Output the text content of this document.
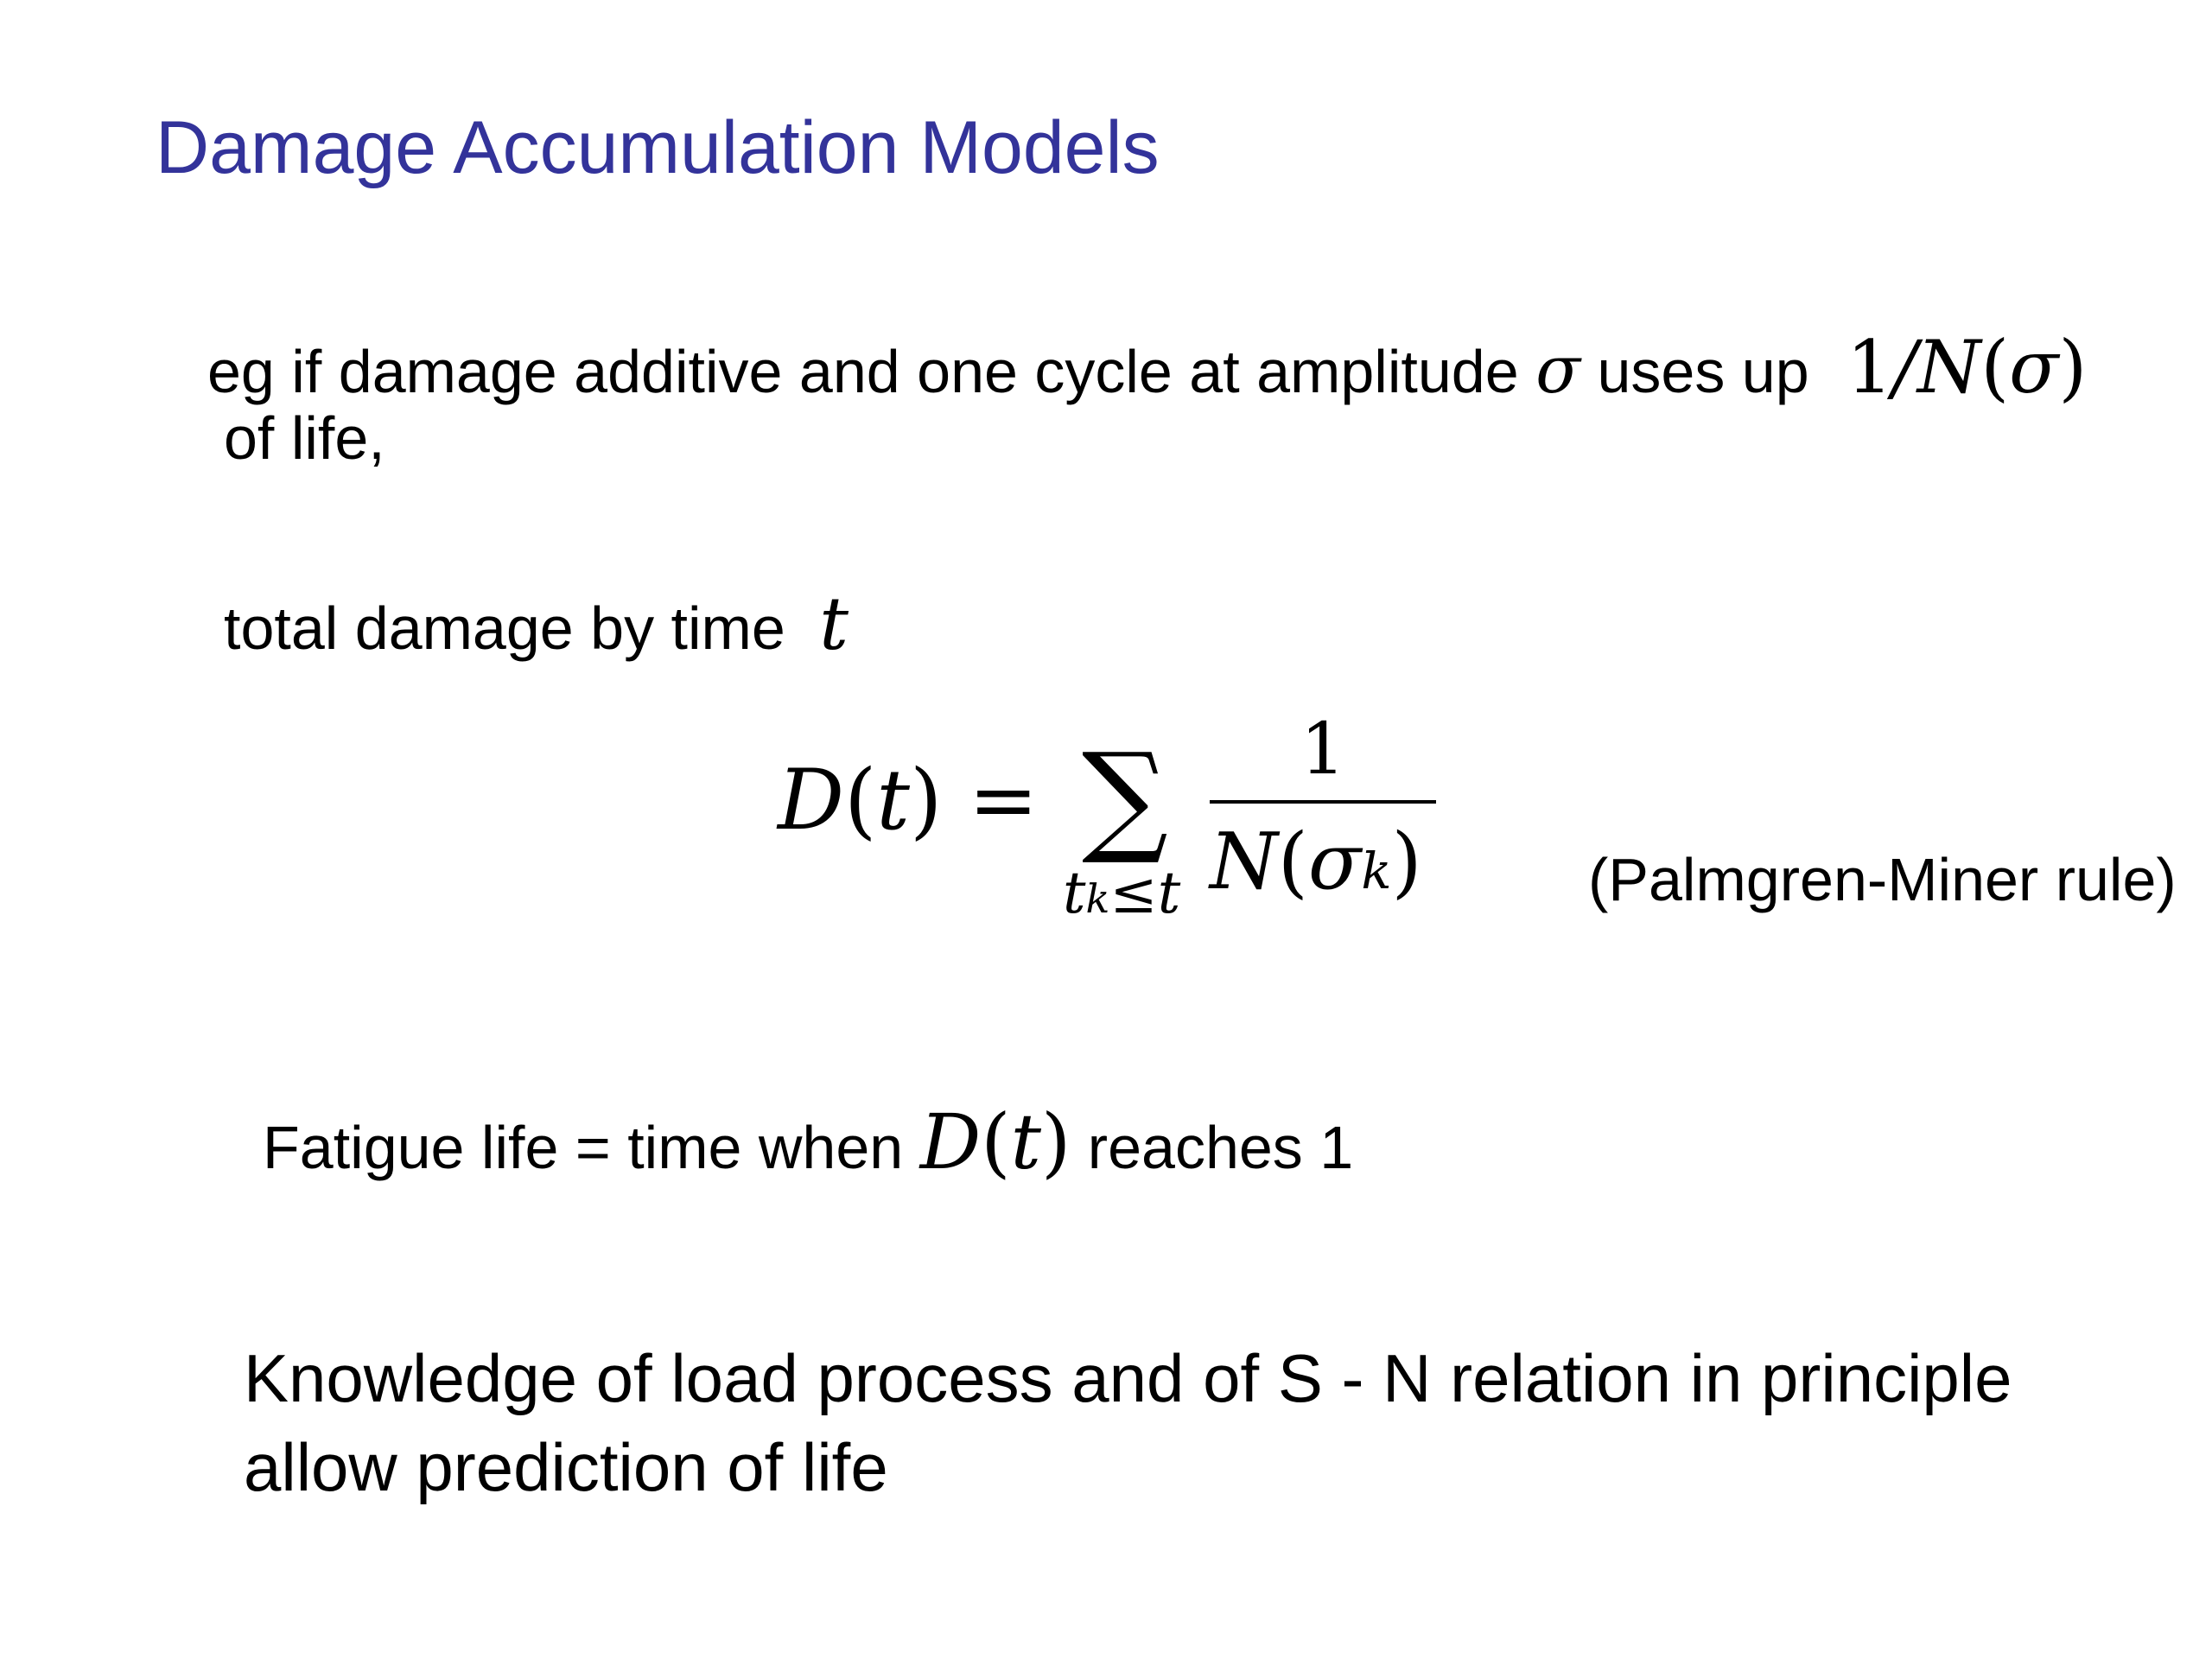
Damage Accumulation Models
eg if damage additive and one cycle at amplitude σ uses up 1/N(σ)
of life,
total damage by time t
D(t) = ∑
tk≤t
1
N(σk)	(Palmgren-Miner rule)
Fatigue life = time when D(t) reaches 1
Knowledge of load process and of S - N relation in principle
allow prediction of life
